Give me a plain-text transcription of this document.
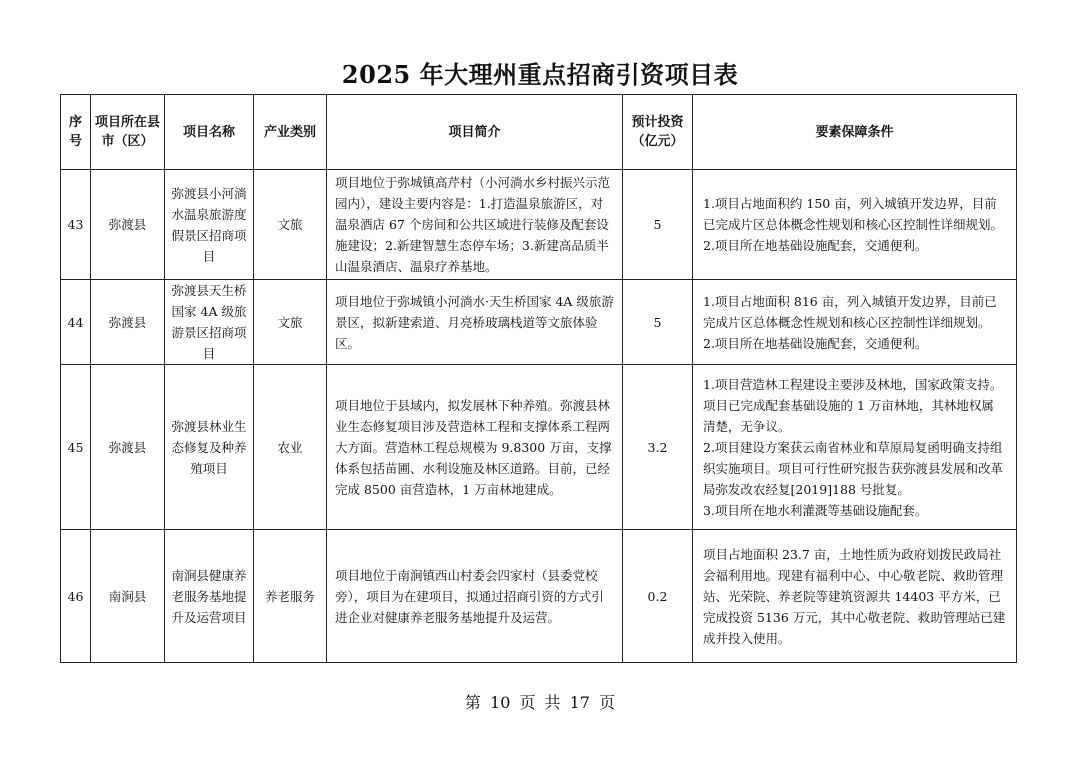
2025 年大理州重点招商引资项目表
序号	项目所在县市（区）	项目名称	产业类别	项目简介	预计投资（亿元）	要素保障条件
43	弥渡县	弥渡县小河淌水温泉旅游度假景区招商项目	文旅	项目地位于弥城镇高芹村（小河淌水乡村振兴示范园内），建设主要内容是：1.打造温泉旅游区，对温泉酒店 67 个房间和公共区域进行装修及配套设施建设；2.新建智慧生态停车场；3.新建高品质半山温泉酒店、温泉疗养基地。	5	1.项目占地面积约 150 亩，列入城镇开发边界，目前已完成片区总体概念性规划和核心区控制性详细规划。
2.项目所在地基础设施配套，交通便利。
44	弥渡县	弥渡县天生桥国家 4A 级旅游景区招商项目	文旅	项目地位于弥城镇小河淌水·天生桥国家 4A 级旅游景区，拟新建索道、月亮桥玻璃栈道等文旅体验区。	5	1.项目占地面积 816 亩，列入城镇开发边界，目前已完成片区总体概念性规划和核心区控制性详细规划。
2.项目所在地基础设施配套，交通便利。
45	弥渡县	弥渡县林业生态修复及种养殖项目	农业	项目地位于县域内，拟发展林下种养殖。弥渡县林业生态修复项目涉及营造林工程和支撑体系工程两大方面。营造林工程总规模为 9.8300 万亩，支撑体系包括苗圃、水利设施及林区道路。目前，已经完成 8500 亩营造林，1 万亩林地建成。	3.2	1.项目营造林工程建设主要涉及林地，国家政策支持。项目已完成配套基础设施的 1 万亩林地，其林地权属清楚，无争议。
2.项目建设方案获云南省林业和草原局复函明确支持组织实施项目。项目可行性研究报告获弥渡县发展和改革局弥发改农经复[2019]188 号批复。
3.项目所在地水利灌溉等基础设施配套。
46	南涧县	南涧县健康养老服务基地提升及运营项目	养老服务	项目地位于南涧镇西山村委会四家村（县委党校旁），项目为在建项目，拟通过招商引资的方式引进企业对健康养老服务基地提升及运营。	0.2	项目占地面积 23.7 亩，土地性质为政府划拨民政局社会福利用地。现建有福利中心、中心敬老院、救助管理站、光荣院、养老院等建筑资源共 14403 平方米，已完成投资 5136 万元，其中心敬老院、救助管理站已建成并投入使用。
第 10 页 共 17 页
